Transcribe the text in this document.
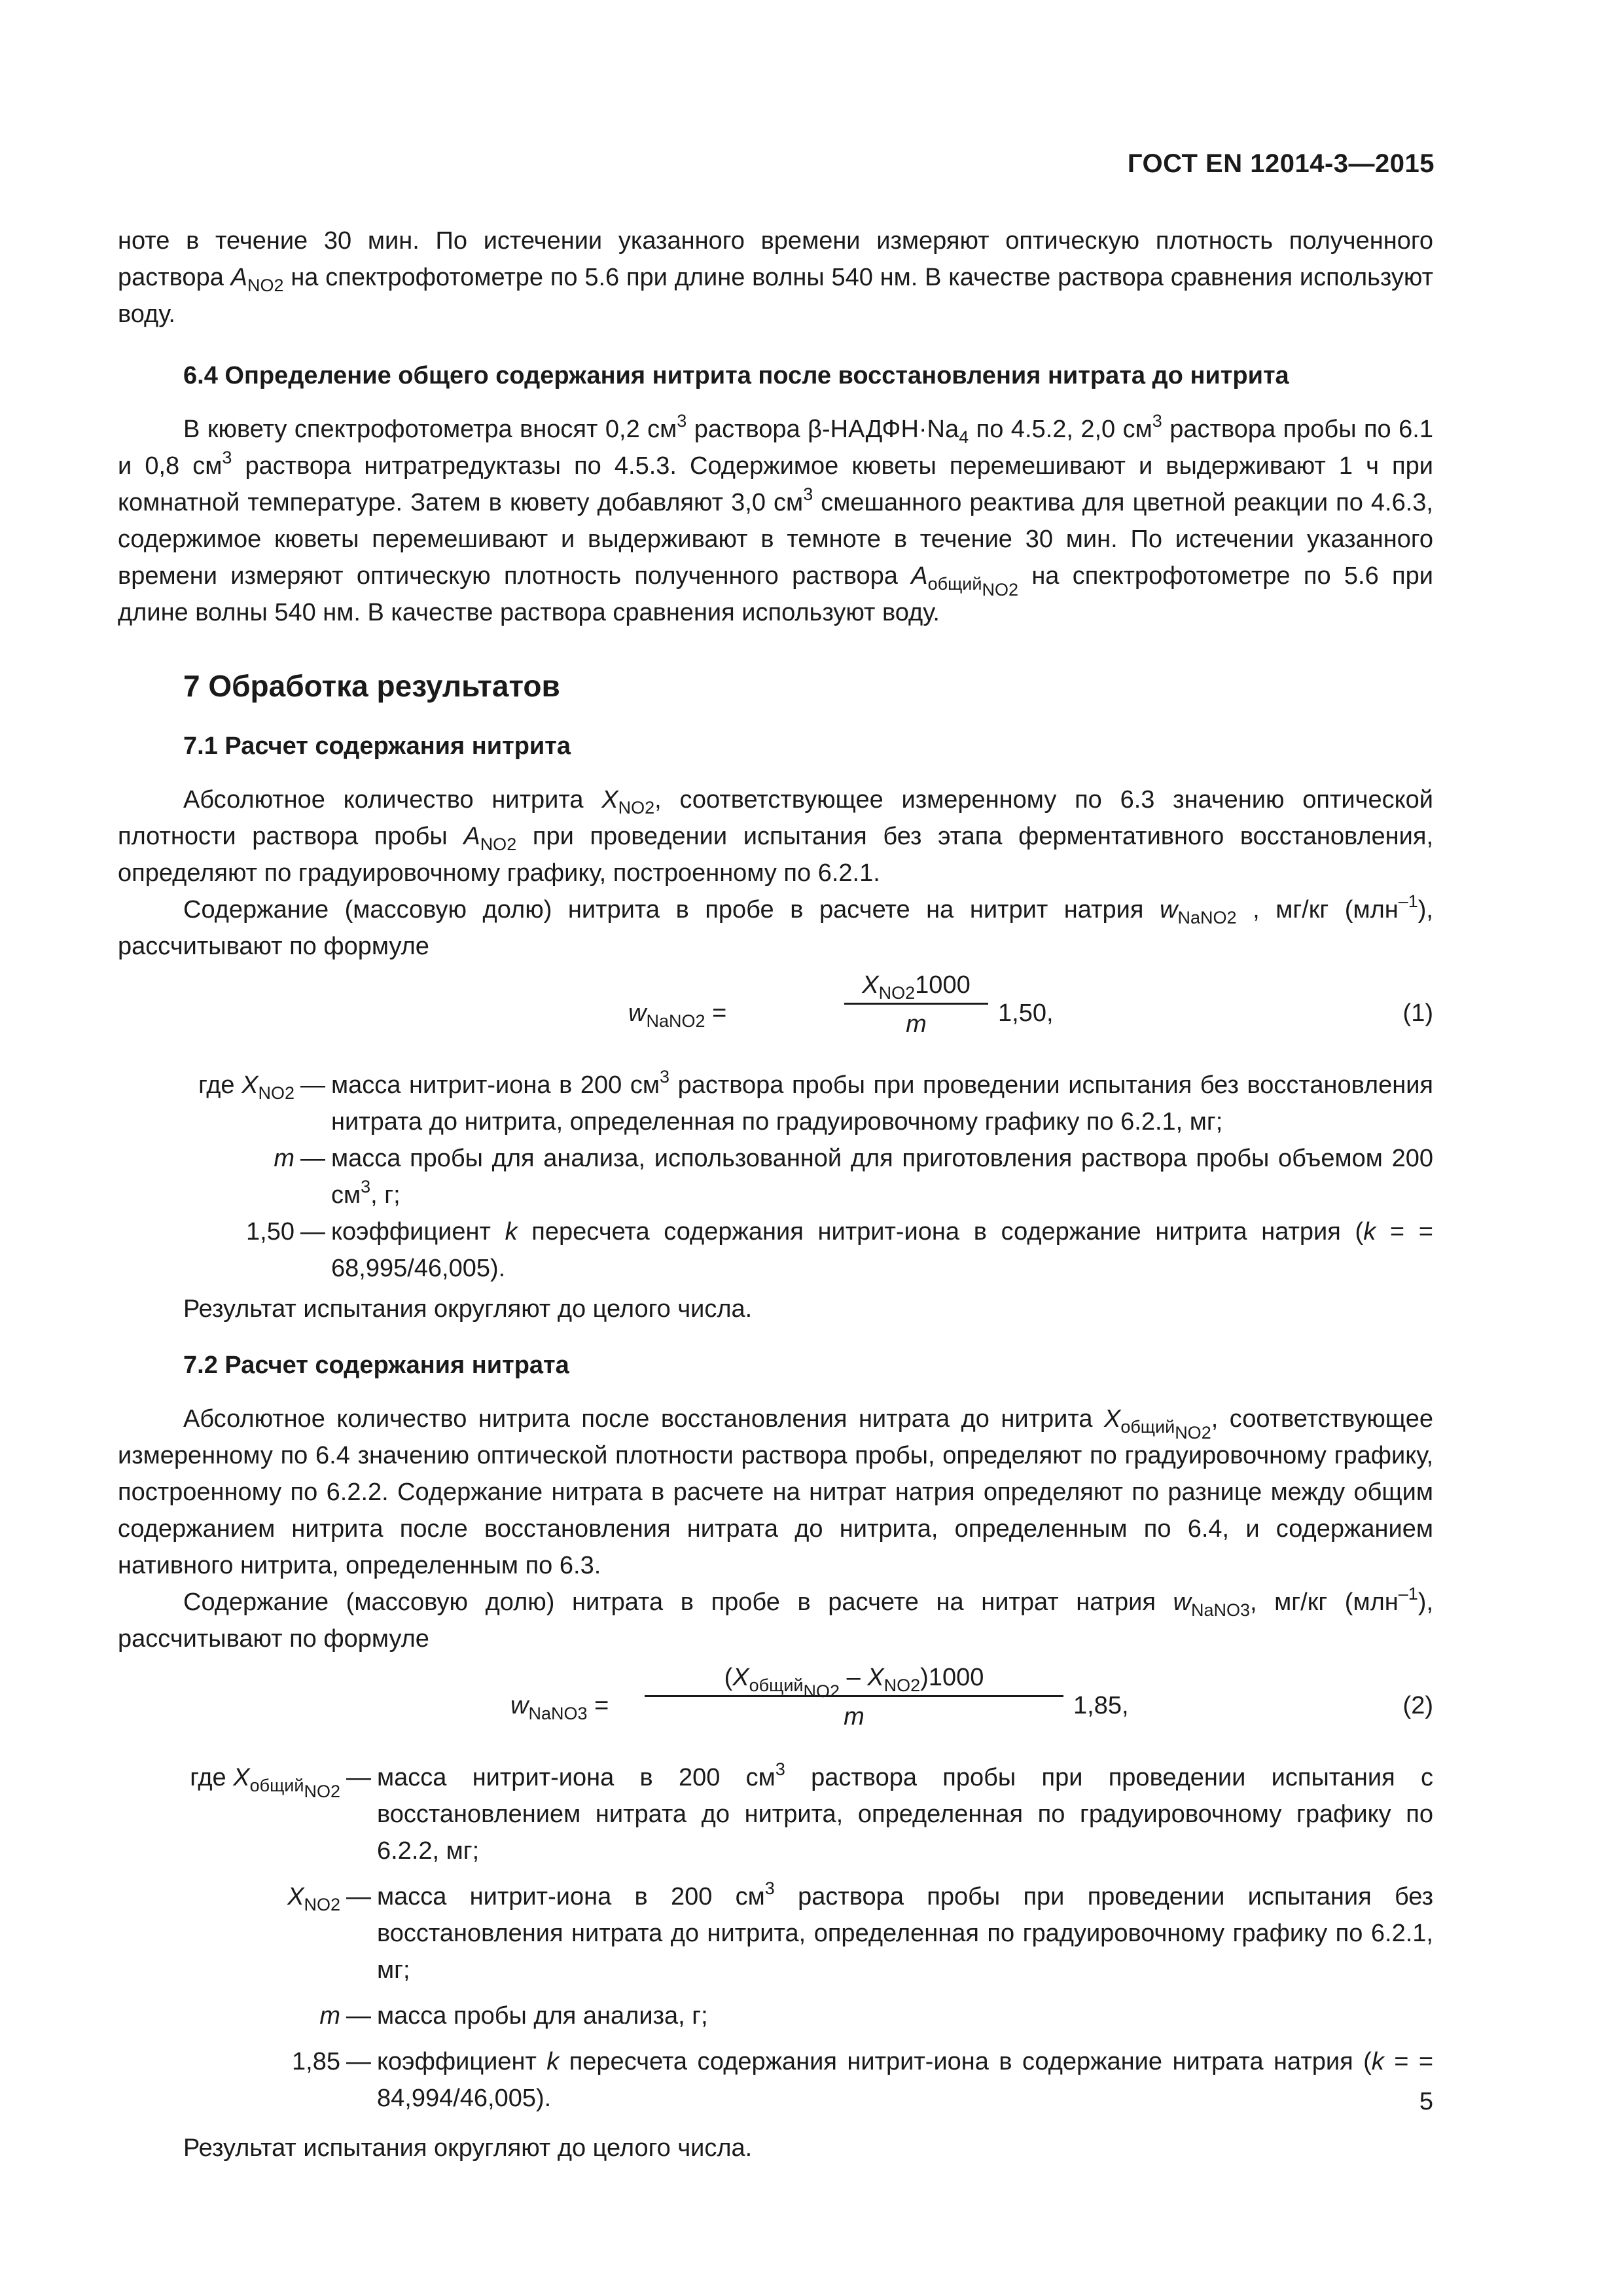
ГОСТ EN 12014-3—2015

ноте в течение 30 мин. По истечении указанного времени измеряют оптическую плотность полученного раствора $A_{NO2}$ на спектрофотометре по 5.6 при длине волны 540 нм. В качестве раствора сравнения используют воду.

6.4 Определение общего содержания нитрита после восстановления нитрата до нитрита

В кювету спектрофотометра вносят 0,2 $см^3$ раствора $\beta-НАДФН\cdot Na_4$ по 4.5.2, 2,0 $см^3$ раствора пробы по 6.1 и 0,8 $см^3$ раствора нитратредуктазы по 4.5.3. Содержимое кюветы перемешивают и выдерживают 1 ч при комнатной температуре. Затем в кювету добавляют 3,0 $см^3$ смешанного реактива для цветной реакции по 4.6.3, содержимое кюветы перемешивают и выдерживают в темноте в течение 30 мин. По истечении указанного времени измеряют оптическую плотность полученного раствора $A_{общий_{NO2}}$ на спектрофотометре по 5.6 при длине волны 540 нм. В качестве раствора сравнения используют воду.

7 Обработка результатов
7.1 Расчет содержания нитрита

Абсолютное количество нитрита $X_{NO2}$, соответствующее измеренному по 6.3 значению оптической плотности раствора пробы $A_{NO2}$ при проведении испытания без этапа ферментативного восстановления, определяют по градуировочному графику, построенному по 6.2.1.

Содержание (массовую долю) нитрита в пробе в расчете на нитрит натрия $w_{NaNO2}$ , мг/кг (млн$^{-1}$), рассчитывают по формуле

$w_{NaNO2}$ =
$X_{NO2}1000$
m	1,50,	(1)
где $X_{NO2}$ — масса нитрит-иона в 200 $см^3$ раствора пробы при проведении испытания без восстановления нитрата до нитрита, определенная по градуировочному графику по 6.2.1, мг;
m — масса пробы для анализа, использованной для приготовления раствора пробы объемом 200 $см^3$, г;
1,50 — коэффициент k пересчета содержания нитрит-иона в содержание нитрита натрия (k = = 68,995/46,005).

Результат испытания округляют до целого числа.

7.2 Расчет содержания нитрата

Абсолютное количество нитрита после восстановления нитрата до нитрита $X_{общий_{NO2}}$, соответствующее измеренному по 6.4 значению оптической плотности раствора пробы, определяют по градуировочному графику, построенному по 6.2.2. Содержание нитрата в расчете на нитрат натрия определяют по разнице между общим содержанием нитрита после восстановления нитрата до нитрита, определенным по 6.4, и содержанием нативного нитрита, определенным по 6.3.

Содержание (массовую долю) нитрата в пробе в расчете на нитрат натрия $w_{NaNO3}$, мг/кг (млн$^{-1}$), рассчитывают по формуле

$w_{NaNO3}$ =
$(X_{общий_{NO2}} - X_{NO2})1000$
m	1,85,	(2)
где $X_{общий_{NO2}}$ — масса нитрит-иона в 200 $см^3$ раствора пробы при проведении испытания с восстановлением нитрата до нитрита, определенная по градуировочному графику по 6.2.2, мг;
$X_{NO2}$ — масса нитрит-иона в 200 $см^3$ раствора пробы при проведении испытания без восстановления нитрата до нитрита, определенная по градуировочному графику по 6.2.1, мг;
m — масса пробы для анализа, г;
1,85 — коэффициент k пересчета содержания нитрит-иона в содержание нитрата натрия (k = = 84,994/46,005).

Результат испытания округляют до целого числа.

5
